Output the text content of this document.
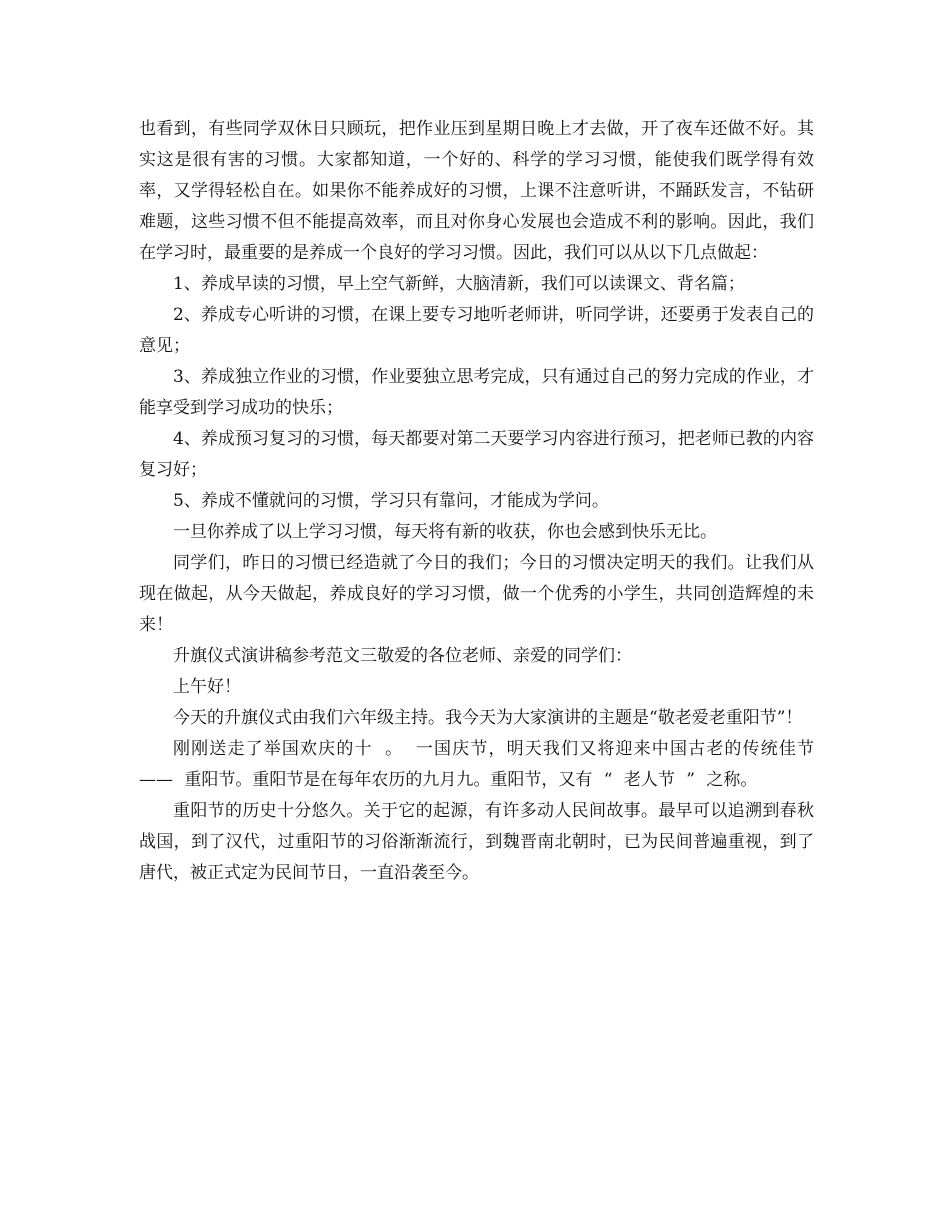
也看到，有些同学双休日只顾玩，把作业压到星期日晚上才去做，开了夜车还做不好。其实这是很有害的习惯。大家都知道，一个好的、科学的学习习惯，能使我们既学得有效率，又学得轻松自在。如果你不能养成好的习惯，上课不注意听讲，不踊跃发言，不钻研难题，这些习惯不但不能提高效率，而且对你身心发展也会造成不利的影响。因此，我们在学习时，最重要的是养成一个良好的学习习惯。因此，我们可以从以下几点做起：

1、养成早读的习惯，早上空气新鲜，大脑清新，我们可以读课文、背名篇；

2、养成专心听讲的习惯，在课上要专习地听老师讲，听同学讲，还要勇于发表自己的意见；

3、养成独立作业的习惯，作业要独立思考完成，只有通过自己的努力完成的作业，才能享受到学习成功的快乐；

4、养成预习复习的习惯，每天都要对第二天要学习内容进行预习，把老师已教的内容复习好；

5、养成不懂就问的习惯，学习只有靠问，才能成为学问。

一旦你养成了以上学习习惯，每天将有新的收获，你也会感到快乐无比。

同学们，昨日的习惯已经造就了今日的我们；今日的习惯决定明天的我们。让我们从现在做起，从今天做起，养成良好的学习习惯，做一个优秀的小学生，共同创造辉煌的未来！

升旗仪式演讲稿参考范文三敬爱的各位老师、亲爱的同学们：

上午好！

今天的升旗仪式由我们六年级主持。我今天为大家演讲的主题是“敬老爱老重阳节”！

刚刚送走了举国欢庆的十 。 一国庆节，明天我们又将迎来中国古老的传统佳节 —— 重阳节。重阳节是在每年农历的九月九。重阳节，又有 “ 老人节 ” 之称。

重阳节的历史十分悠久。关于它的起源，有许多动人民间故事。最早可以追溯到春秋战国，到了汉代，过重阳节的习俗渐渐流行，到魏晋南北朝时，已为民间普遍重视，到了唐代，被正式定为民间节日，一直沿袭至今。
